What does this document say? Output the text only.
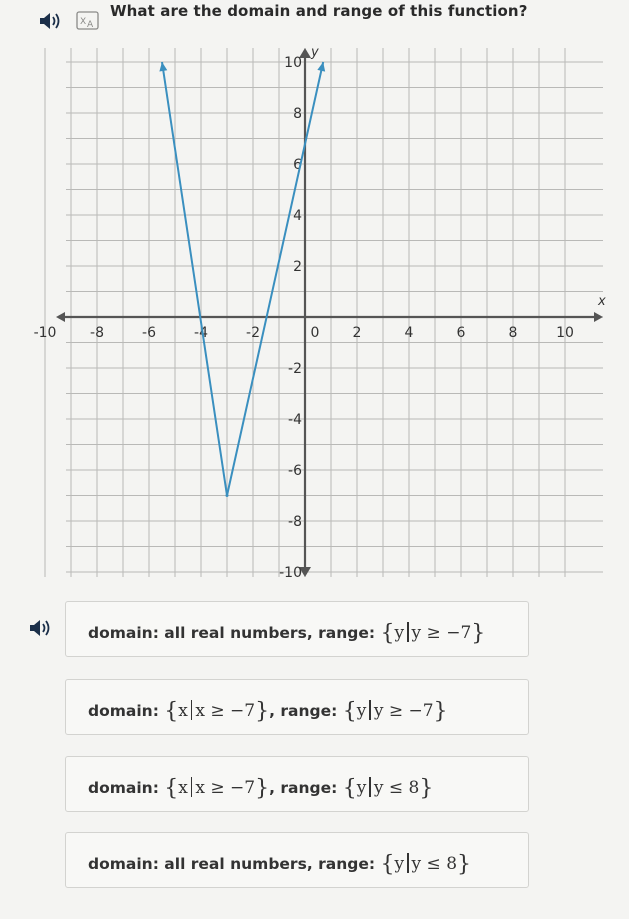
X A
What are the domain and range of this function?
-10 -8	-6	-4	-2	0 2	4	6	8	10
10
8
6
4
2
-2
-4
-6
-8
-10
x
y
domain: all real numbers, range: {y y ≥ −7}
domain: {x x ≥ −7}, range: {y y ≥ −7}
domain: {x x ≥ −7}, range: {y y ≤ 8}
domain: all real numbers, range: {y y ≤ 8}
